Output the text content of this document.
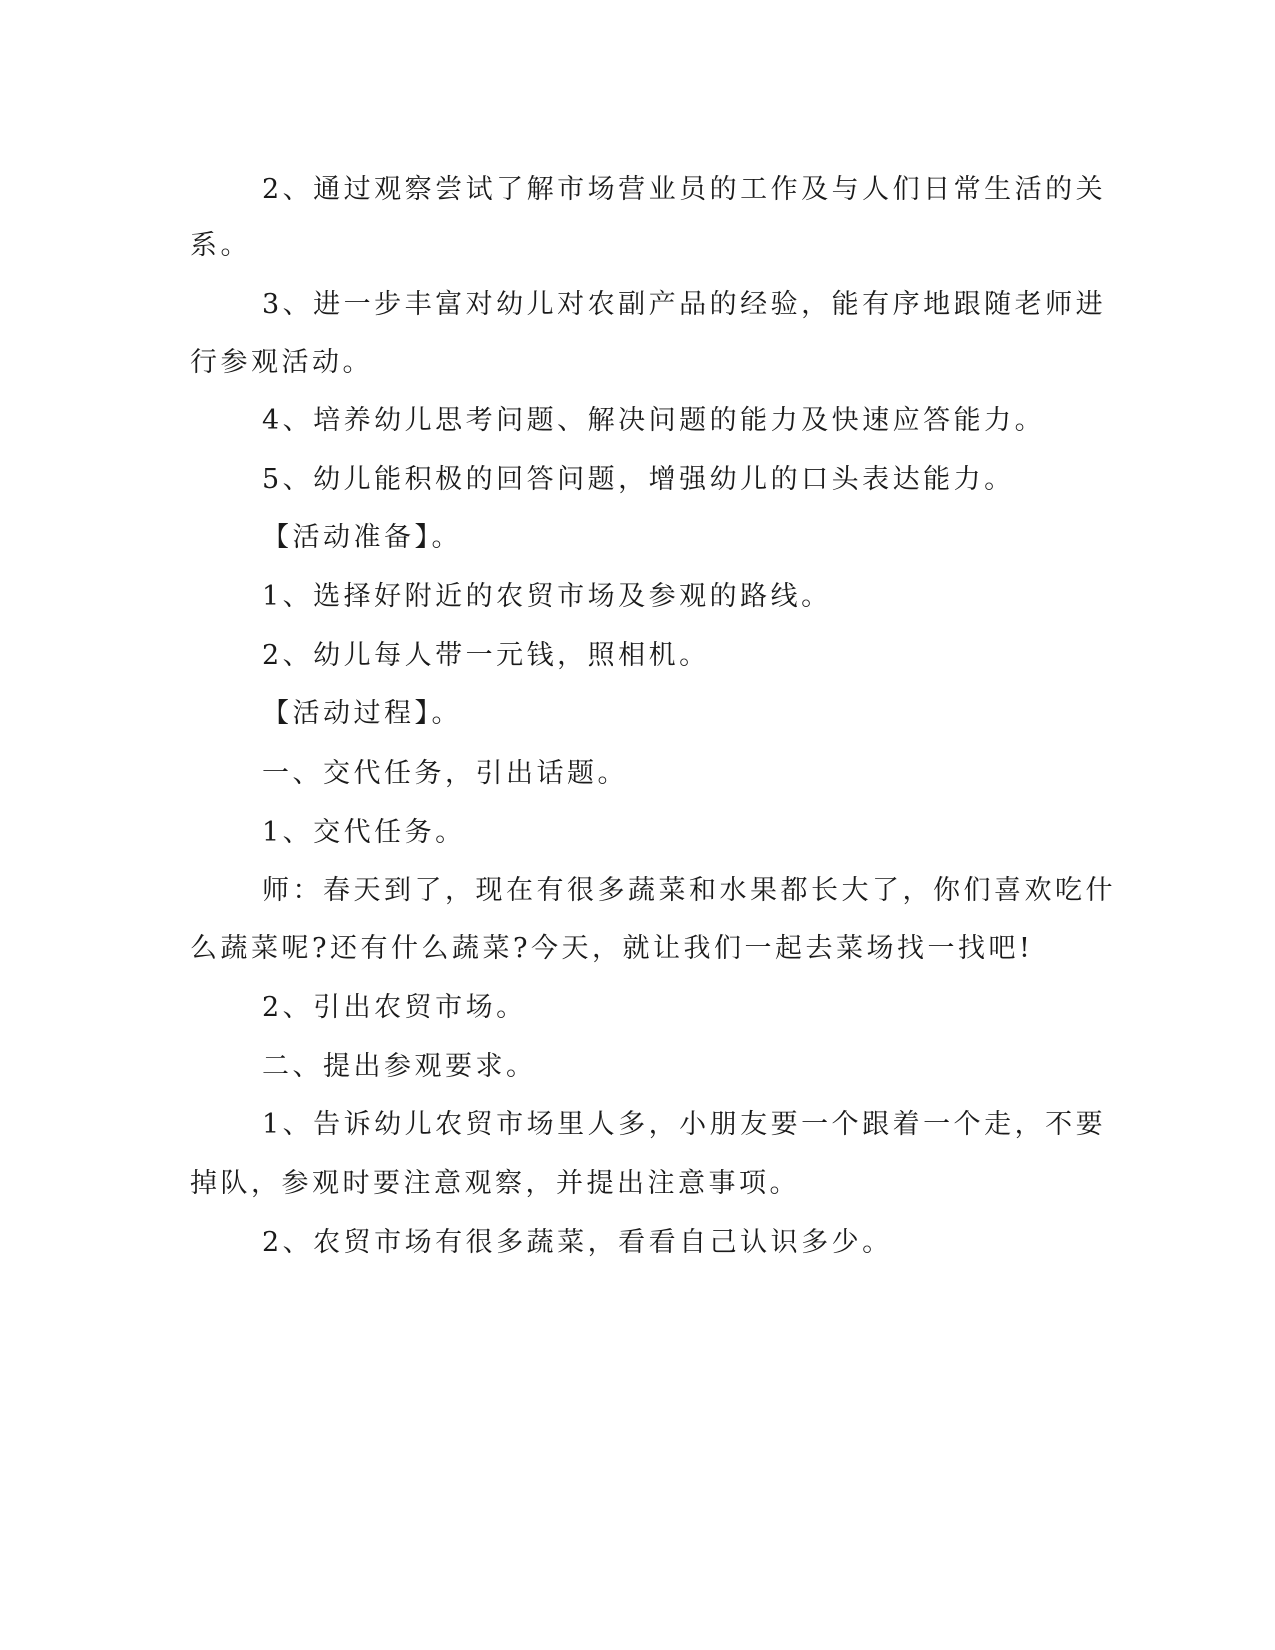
2、通过观察尝试了解市场营业员的工作及与人们日常生活的关
系。
3、进一步丰富对幼儿对农副产品的经验，能有序地跟随老师进
行参观活动。
4、培养幼儿思考问题、解决问题的能力及快速应答能力。
5、幼儿能积极的回答问题，增强幼儿的口头表达能力。
【活动准备】。
1、选择好附近的农贸市场及参观的路线。
2、幼儿每人带一元钱，照相机。
【活动过程】。
一、交代任务，引出话题。
1、交代任务。
师：春天到了，现在有很多蔬菜和水果都长大了，你们喜欢吃什
么蔬菜呢?还有什么蔬菜?今天，就让我们一起去菜场找一找吧!
2、引出农贸市场。
二、提出参观要求。
1、告诉幼儿农贸市场里人多，小朋友要一个跟着一个走，不要
掉队，参观时要注意观察，并提出注意事项。
2、农贸市场有很多蔬菜，看看自己认识多少。
